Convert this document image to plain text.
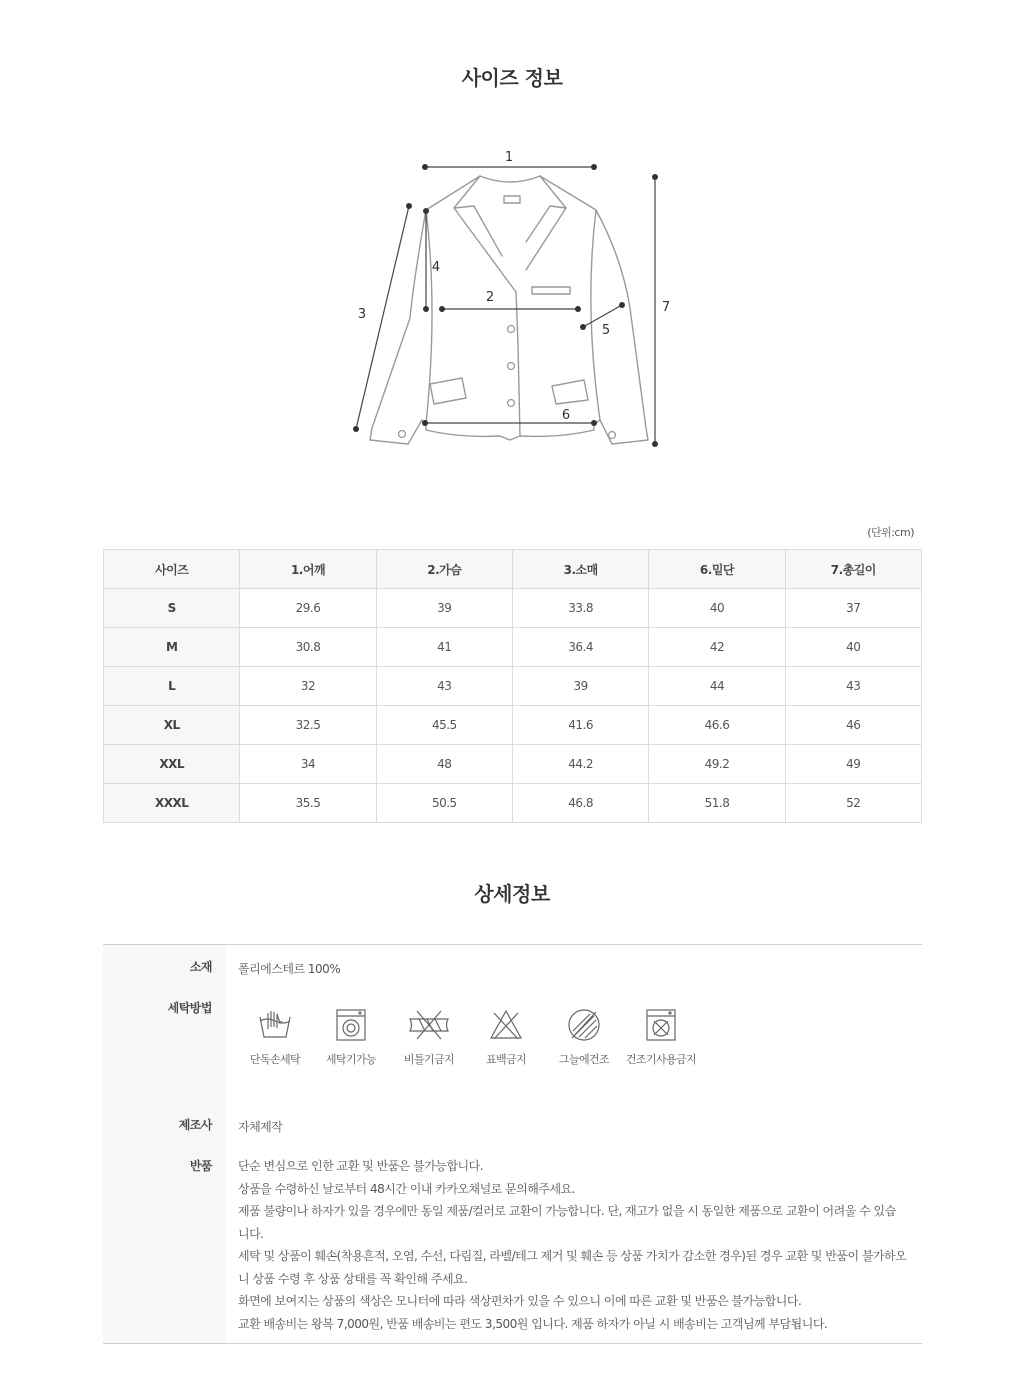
사이즈 정보
1
2
3
4
5
6
7
(단위:cm)
사이즈	1.어깨	2.가슴	3.소매	6.밑단	7.총길이
S	29.6	39	33.8	40	37
M	30.8	41	36.4	42	40
L	32	43	39	44	43
XL	32.5	45.5	41.6	46.6	46
XXL	34	48	44.2	49.2	49
XXXL	35.5	50.5	46.8	51.8	52
상세정보
소재 폴리에스테르 100%
세탁방법
단독손세탁	세탁기가능	비틀기금지	표백금지	그늘에건조	건조기사용금지
제조사 자체제작
반품 단순 변심으로 인한 교환 및 반품은 불가능합니다.
상품을 수령하신 날로부터 48시간 이내 카카오채널로 문의해주세요.
제품 불량이나 하자가 있을 경우에만 동일 제품/컬러로 교환이 가능합니다. 단, 재고가 없을 시 동일한 제품으로 교환이 어려울 수 있습
니다.
세탁 및 상품이 훼손(착용흔적, 오염, 수선, 다림질, 라벨/테그 제거 및 훼손 등 상품 가치가 감소한 경우)된 경우 교환 및 반품이 불가하오
니 상품 수령 후 상품 상태를 꼭 확인해 주세요.
화면에 보여지는 상품의 색상은 모니터에 따라 색상편차가 있을 수 있으니 이에 따른 교환 및 반품은 불가능합니다.
교환 배송비는 왕복 7,000원, 반품 배송비는 편도 3,500원 입니다. 제품 하자가 아닐 시 배송비는 고객님께 부담됩니다.
